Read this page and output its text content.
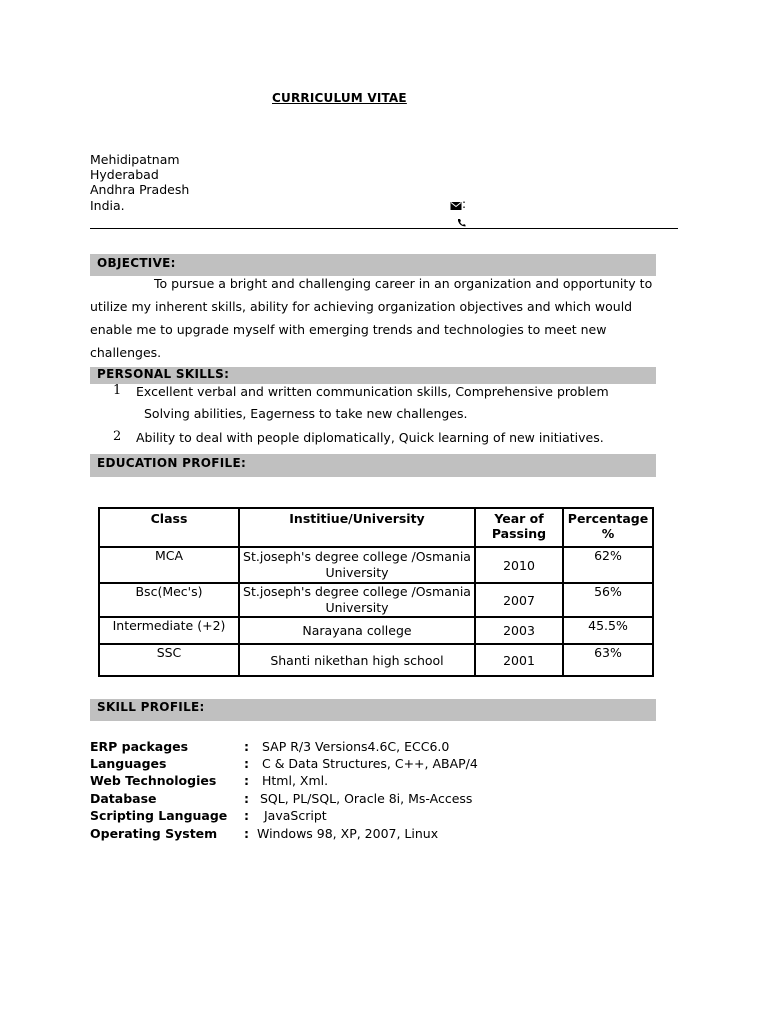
CURRICULUM VITAE
Mehidipatnam
Hyderabad
Andhra Pradesh
India.	:
OBJECTIVE:
To pursue a bright and challenging career in an organization and opportunity to
utilize my inherent skills, ability for achieving organization objectives and which would
enable me to upgrade myself with emerging trends and technologies to meet new
challenges.
PERSONAL SKILLS:
1 Excellent verbal and written communication skills, Comprehensive problem
Solving abilities, Eagerness to take new challenges.
2 Ability to deal with people diplomatically, Quick learning of new initiatives.
EDUCATION PROFILE:
Class	Institiue/University	Year of Passing	Percentage %
MCA	St.joseph's degree college /Osmania University	2010	62%
Bsc(Mec's)	St.joseph's degree college /Osmania University	2007	56%
Intermediate (+2)	Narayana college	2003	45.5%
SSC	Shanti nikethan high school	2001	63%
SKILL PROFILE:
ERP packages	: SAP R/3 Versions4.6C, ECC6.0
Languages	: C & Data Structures, C++, ABAP/4
Web Technologies : Html, Xml.
Database	: SQL, PL/SQL, Oracle 8i, Ms-Access
Scripting Language : JavaScript
Operating System : Windows 98, XP, 2007, Linux
